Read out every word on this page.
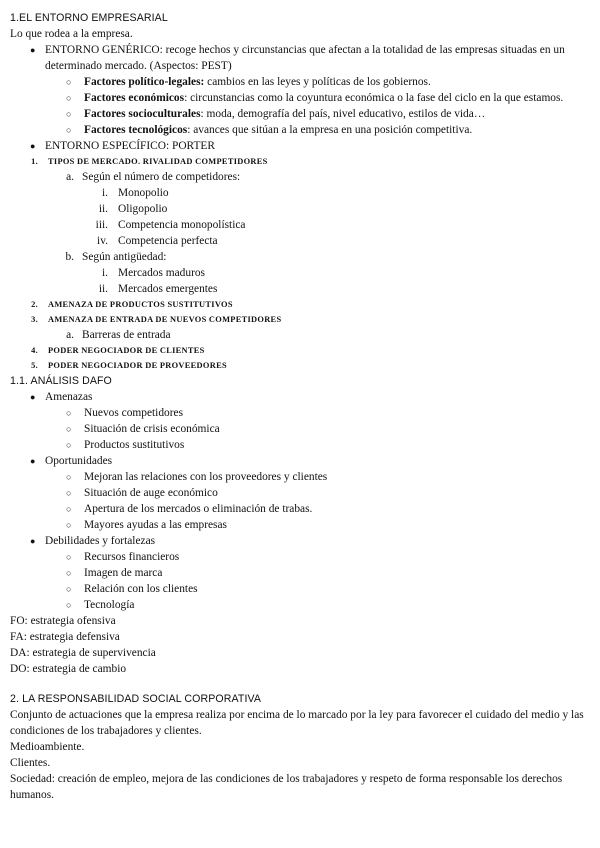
1.EL ENTORNO EMPRESARIAL
Lo que rodea a la empresa.
● ENTORNO GENÉRICO: recoge hechos y circunstancias que afectan a la totalidad de las empresas situadas en un determinado mercado. (Aspectos: PEST)
○ Factores político-legales: cambios en las leyes y políticas de los gobiernos.
○ Factores económicos: circunstancias como la coyuntura económica o la fase del ciclo en la que estamos.
○ Factores socioculturales: moda, demografía del país, nivel educativo, estilos de vida…
○ Factores tecnológicos: avances que sitúan a la empresa en una posición competitiva.
● ENTORNO ESPECÍFICO: PORTER
1. TIPOS DE MERCADO. RIVALIDAD COMPETIDORES
a. Según el número de competidores:
i. Monopolio
ii. Oligopolio
iii. Competencia monopolística
iv. Competencia perfecta
b. Según antigüedad:
i. Mercados maduros
ii. Mercados emergentes
2. AMENAZA DE PRODUCTOS SUSTITUTIVOS
3. AMENAZA DE ENTRADA DE NUEVOS COMPETIDORES
a. Barreras de entrada
4. PODER NEGOCIADOR DE CLIENTES
5. PODER NEGOCIADOR DE PROVEEDORES
1.1. ANÁLISIS DAFO
● Amenazas
○ Nuevos competidores
○ Situación de crisis económica
○ Productos sustitutivos
● Oportunidades
○ Mejoran las relaciones con los proveedores y clientes
○ Situación de auge económico
○ Apertura de los mercados o eliminación de trabas.
○ Mayores ayudas a las empresas
● Debilidades y fortalezas
○ Recursos financieros
○ Imagen de marca
○ Relación con los clientes
○ Tecnología
FO: estrategia ofensiva
FA: estrategia defensiva
DA: estrategia de supervivencia
DO: estrategia de cambio
2. LA RESPONSABILIDAD SOCIAL CORPORATIVA
Conjunto de actuaciones que la empresa realiza por encima de lo marcado por la ley para favorecer el cuidado del medio y las condiciones de los trabajadores y clientes.
Medioambiente.
Clientes.
Sociedad: creación de empleo, mejora de las condiciones de los trabajadores y respeto de forma responsable los derechos humanos.
